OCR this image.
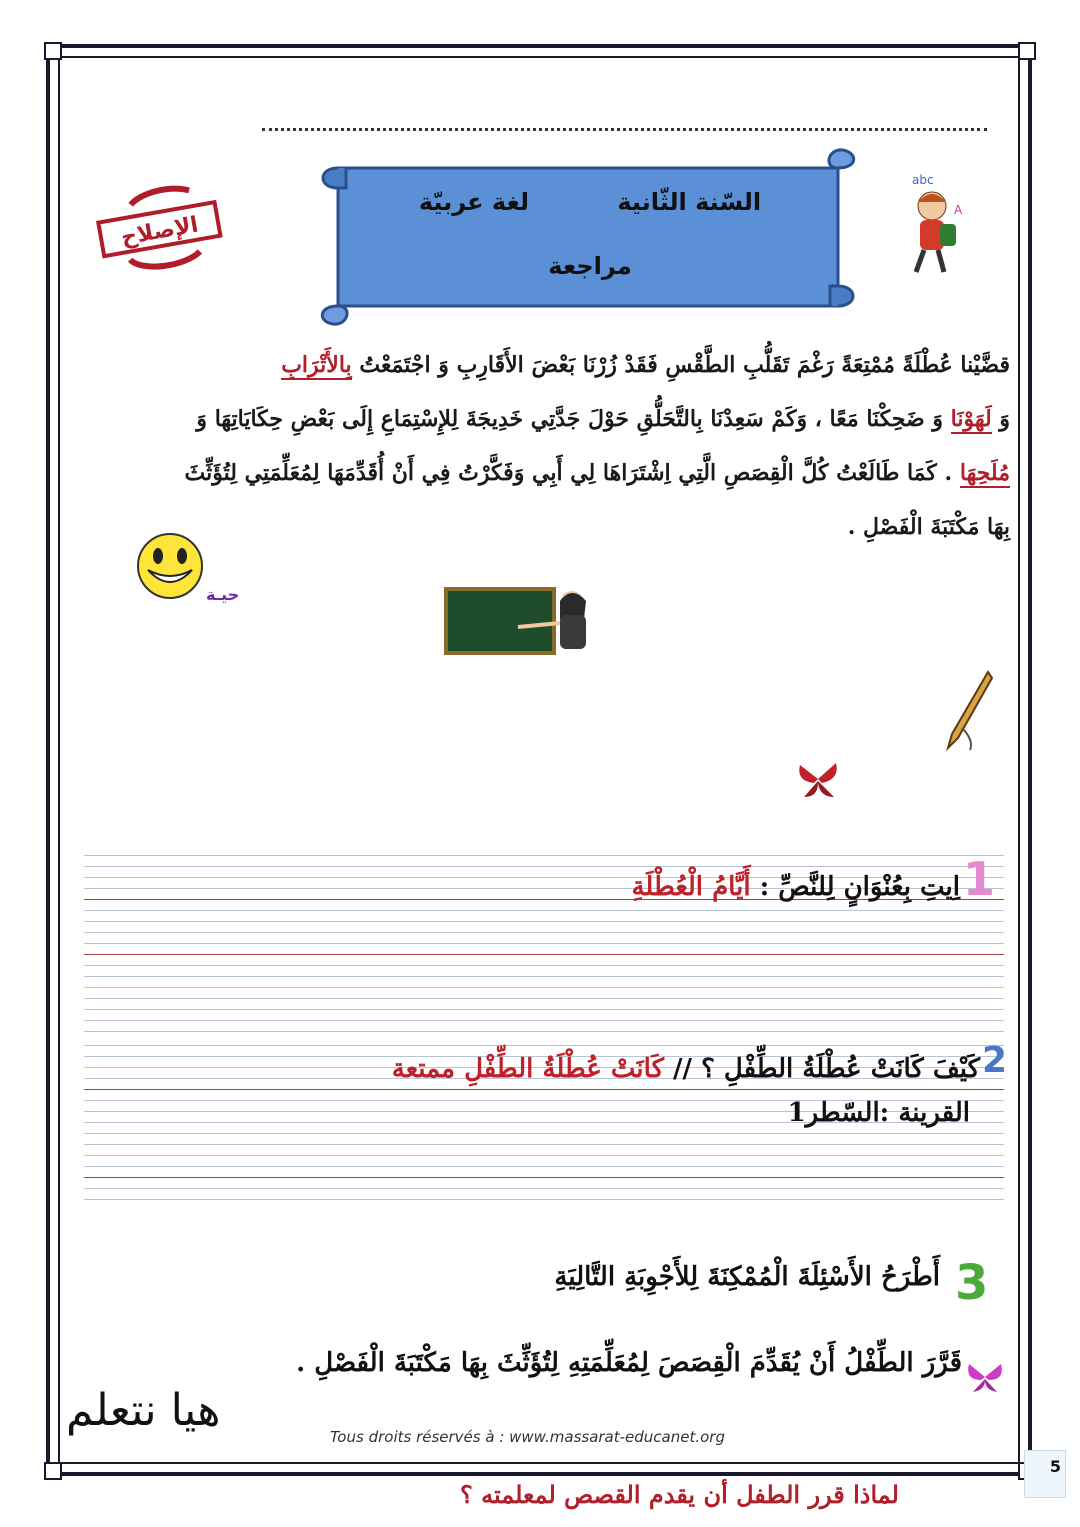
السّنة الثّانية لغة عربيّة
مراجعة
الإصلاح
abc
A
قضَّيْنا عُطْلَةً مُمْتِعَةً رَغْمَ تَقَلُّبِ الطَّقْسِ فَقَدْ زُرْنَا بَعْضَ الأَقَارِبِ وَ اجْتَمَعْتُ بِالأَتْرَابِ
وَ لَهَوْنَا وَ ضَحِكْنَا مَعًا ، وَكَمْ سَعِدْنَا بِالتَّحَلُّقِ حَوْلَ جَدَّتِي خَدِيجَةَ لِلإِسْتِمَاعِ إِلَى بَعْضِ حِكَايَاتِهَا وَ
مُلَحِهَا . كَمَا طَالَعْتُ كُلَّ الْقِصَصِ الَّتِي اِشْتَرَاهَا لِي أَبِي وَفَكَّرْتُ فِي أَنْ أُقَدِّمَهَا لِمُعَلِّمَتِي لِتُؤَثِّثَ
بِهَا مَكْتَبَةَ الْفَصْلِ .
حيـة
1
اِيتِ بِعُنْوَانٍ لِلنَّصِّ : أَيَّامُ الْعُطْلَةِ
2
كَيْفَ كَانَتْ عُطْلَةُ الطِّفْلِ ؟ // كَانَتْ عُطْلَةُ الطِّفْلِ ممتعة
القرينة :السّطر1
3
أَطْرَحُ الأَسْئِلَةَ الْمُمْكِنَةَ لِلأَجْوِبَةِ التَّالِيَةِ
قَرَّرَ الطِّفْلُ أَنْ يُقَدِّمَ الْقِصَصَ لِمُعَلِّمَتِهِ لِتُؤَثِّثَ بِهَا مَكْتَبَةَ الْفَصْلِ .
هيا نتعلم
Tous droits réservés à : www.massarat-educanet.org
5
لماذا قرر الطفل أن يقدم القصص لمعلمته ؟
